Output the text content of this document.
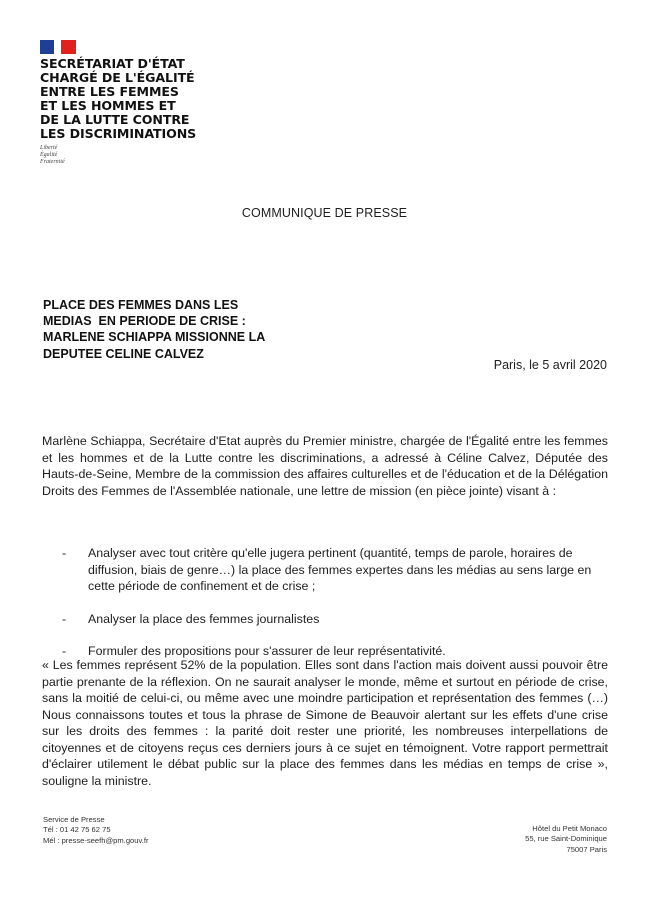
SECRÉTARIAT D'ÉTAT
CHARGÉ DE L'ÉGALITÉ
ENTRE LES FEMMES
ET LES HOMMES ET
DE LA LUTTE CONTRE
LES DISCRIMINATIONS
Liberté
Égalité
Fraternité
COMMUNIQUE DE PRESSE
PLACE DES FEMMES DANS LES
MEDIAS  EN PERIODE DE CRISE :
MARLENE SCHIAPPA MISSIONNE LA
DEPUTEE CELINE CALVEZ
Paris, le 5 avril 2020

Marlène Schiappa, Secrétaire d'Etat auprès du Premier ministre, chargée de l'Égalité entre les femmes et les hommes et de la Lutte contre les discriminations, a adressé à Céline Calvez, Députée des Hauts-de-Seine, Membre de la commission des affaires culturelles et de l'éducation et de la Délégation Droits des Femmes de l'Assemblée nationale, une lettre de mission (en pièce jointe) visant à :

- Analyser avec tout critère qu'elle jugera pertinent (quantité, temps de parole, horaires de diffusion, biais de genre…) la place des femmes expertes dans les médias au sens large en cette période de confinement et de crise ;
- Analyser la place des femmes journalistes
- Formuler des propositions pour s'assurer de leur représentativité.

« Les femmes représent 52% de la population. Elles sont dans l'action mais doivent aussi pouvoir être partie prenante de la réflexion. On ne saurait analyser le monde, même et surtout en période de crise, sans la moitié de celui-ci, ou même avec une moindre participation et représentation des femmes (…) Nous connaissons toutes et tous la phrase de Simone de Beauvoir alertant sur les effets d'une crise sur les droits des femmes : la parité doit rester une priorité, les nombreuses interpellations de citoyennes et de citoyens reçus ces derniers jours à ce sujet en témoignent. Votre rapport permettrait d'éclairer utilement le débat public sur la place des femmes dans les médias en temps de crise », souligne la ministre.

Service de Presse
Tél : 01 42 75 62 75
Mél : presse-seefh@pm.gouv.fr
Hôtel du Petit Monaco
55, rue Saint-Dominique
75007 Paris
